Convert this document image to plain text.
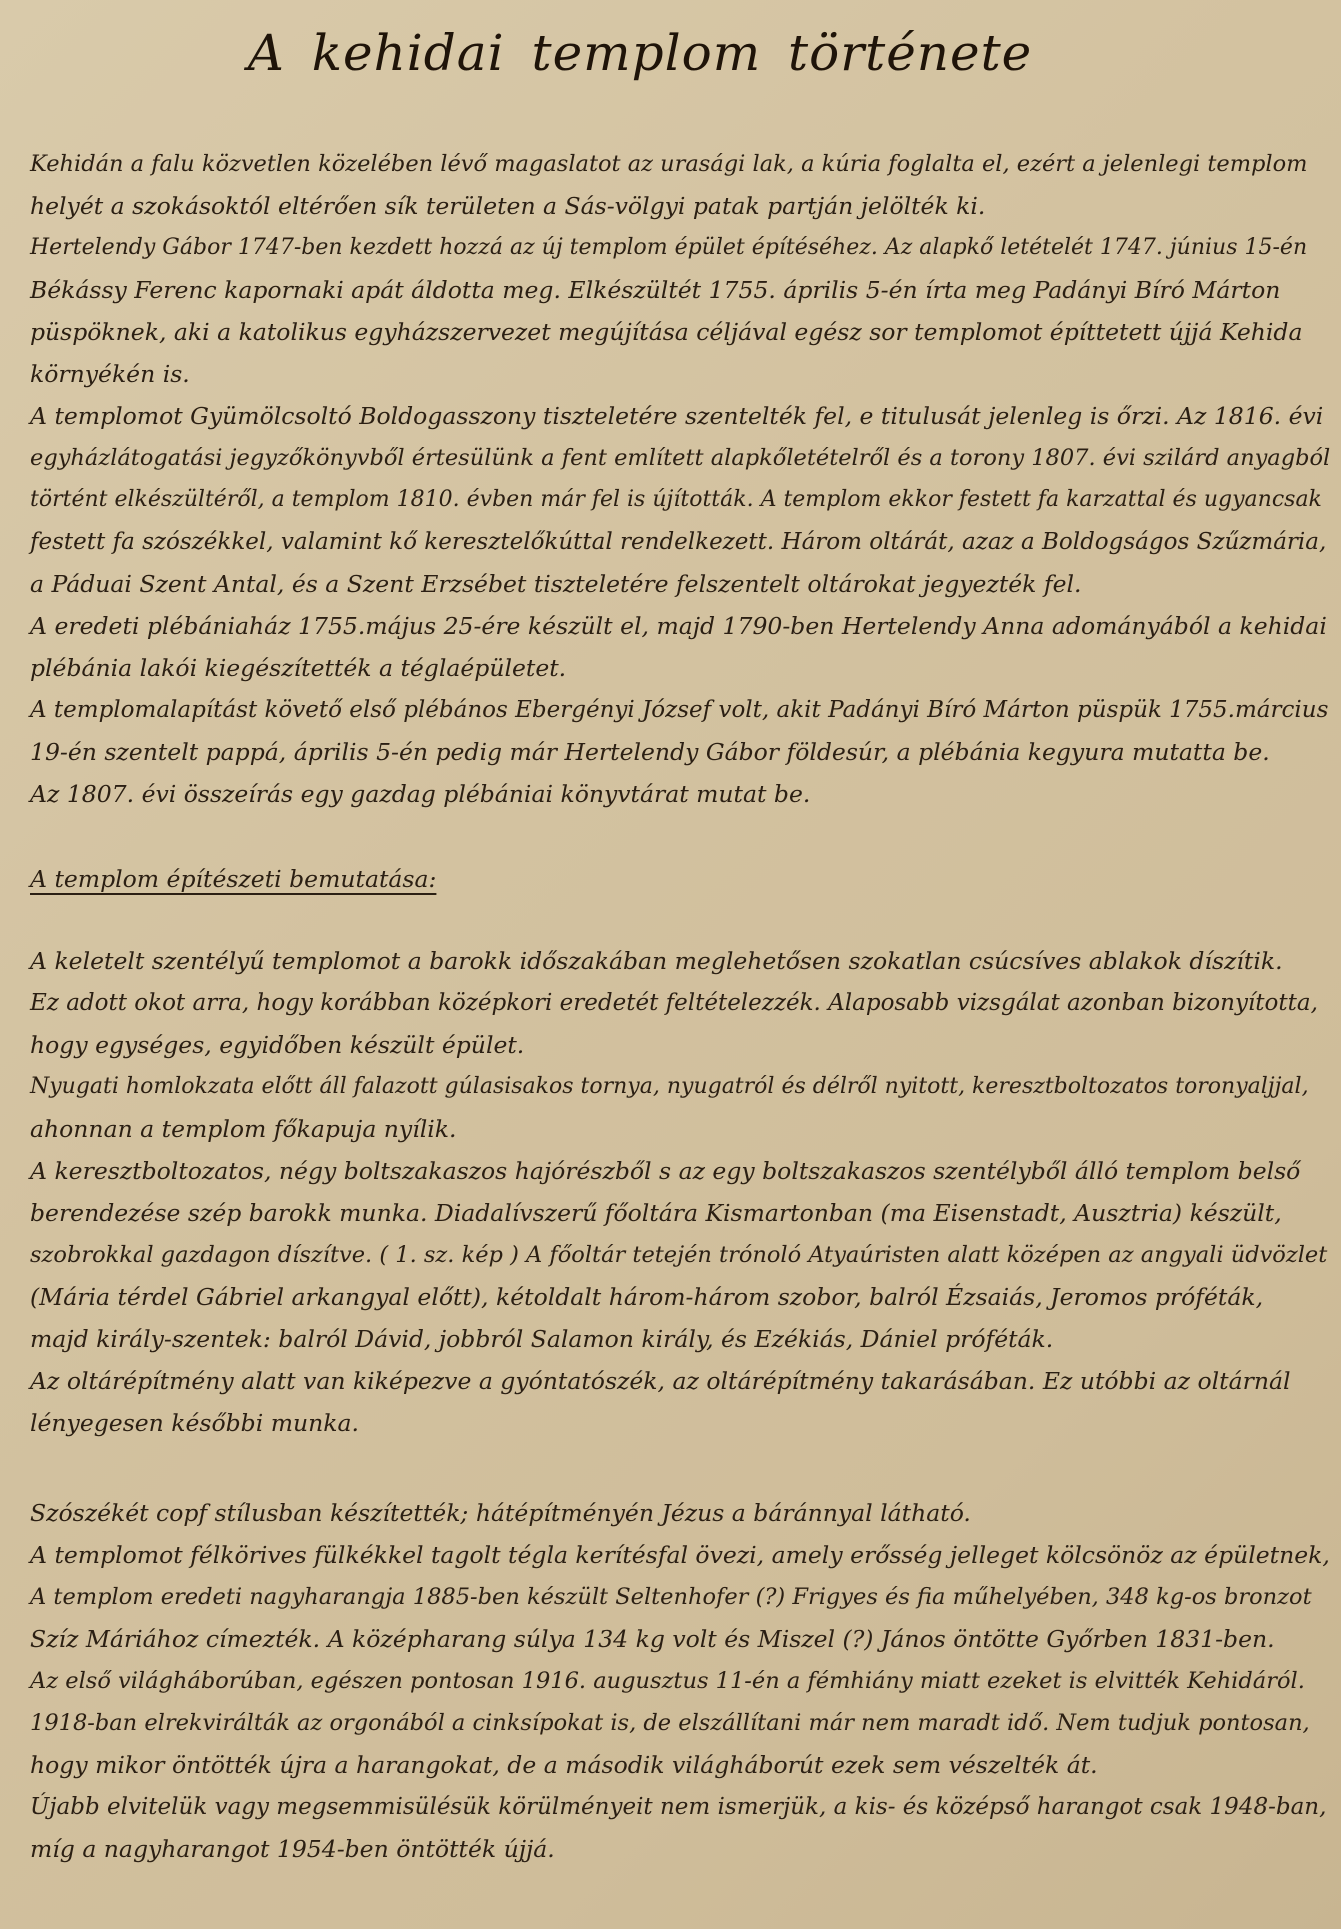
A kehidai templom története
Kehidán a falu közvetlen közelében lévő magaslatot az urasági lak, a kúria foglalta el, ezért a jelenlegi templom
helyét a szokásoktól eltérően sík területen a Sás-völgyi patak partján jelölték ki.
Hertelendy Gábor 1747-ben kezdett hozzá az új templom épület építéséhez. Az alapkő letételét 1747. június 15-én
Békássy Ferenc kapornaki apát áldotta meg. Elkészültét 1755. április 5-én írta meg Padányi Bíró Márton
püspöknek, aki a katolikus egyházszervezet megújítása céljával egész sor templomot építtetett újjá Kehida
környékén is.
A templomot Gyümölcsoltó Boldogasszony tiszteletére szentelték fel, e titulusát jelenleg is őrzi. Az 1816. évi
egyházlátogatási jegyzőkönyvből értesülünk a fent említett alapkőletételről és a torony 1807. évi szilárd anyagból
történt elkészültéről, a templom 1810. évben már fel is újították. A templom ekkor festett fa karzattal és ugyancsak
festett fa szószékkel, valamint kő keresztelőkúttal rendelkezett. Három oltárát, azaz a Boldogságos Szűzmária,
a Páduai Szent Antal, és a Szent Erzsébet tiszteletére felszentelt oltárokat jegyezték fel.
A eredeti plébániaház 1755.május 25-ére készült el, majd 1790-ben Hertelendy Anna adományából a kehidai
plébánia lakói kiegészítették a téglaépületet.
A templomalapítást követő első plébános Ebergényi József volt, akit Padányi Bíró Márton püspük 1755.március
19-én szentelt pappá, április 5-én pedig már Hertelendy Gábor földesúr, a plébánia kegyura mutatta be.
Az 1807. évi összeírás egy gazdag plébániai könyvtárat mutat be.
A templom építészeti bemutatása:
A keletelt szentélyű templomot a barokk időszakában meglehetősen szokatlan csúcsíves ablakok díszítik.
Ez adott okot arra, hogy korábban középkori eredetét feltételezzék. Alaposabb vizsgálat azonban bizonyította,
hogy egységes, egyidőben készült épület.
Nyugati homlokzata előtt áll falazott gúlasisakos tornya, nyugatról és délről nyitott, keresztboltozatos toronyaljjal,
ahonnan a templom főkapuja nyílik.
A keresztboltozatos, négy boltszakaszos hajórészből s az egy boltszakaszos szentélyből álló templom belső
berendezése szép barokk munka. Diadalívszerű főoltára Kismartonban (ma Eisenstadt, Ausztria) készült,
szobrokkal gazdagon díszítve. ( 1. sz. kép ) A főoltár tetején trónoló Atyaúristen alatt középen az angyali üdvözlet
(Mária térdel Gábriel arkangyal előtt), kétoldalt három-három szobor, balról Ézsaiás, Jeromos próféták,
majd király-szentek: balról Dávid, jobbról Salamon király, és Ezékiás, Dániel próféták.
Az oltárépítmény alatt van kiképezve a gyóntatószék, az oltárépítmény takarásában. Ez utóbbi az oltárnál
lényegesen későbbi munka.
Szószékét copf stílusban készítették; hátépítményén Jézus a báránnyal látható.
A templomot félkörives fülkékkel tagolt tégla kerítésfal övezi, amely erősség jelleget kölcsönöz az épületnek,
A templom eredeti nagyharangja 1885-ben készült Seltenhofer (?) Frigyes és fia műhelyében, 348 kg-os bronzot
Szíz Máriához címezték. A középharang súlya 134 kg volt és Miszel (?) János öntötte Győrben 1831-ben.
Az első világháborúban, egészen pontosan 1916. augusztus 11-én a fémhiány miatt ezeket is elvitték Kehidáról.
1918-ban elrekvirálták az orgonából a cinksípokat is, de elszállítani már nem maradt idő. Nem tudjuk pontosan,
hogy mikor öntötték újra a harangokat, de a második világháborút ezek sem vészelték át.
Újabb elvitelük vagy megsemmisülésük körülményeit nem ismerjük, a kis- és középső harangot csak 1948-ban,
míg a nagyharangot 1954-ben öntötték újjá.
